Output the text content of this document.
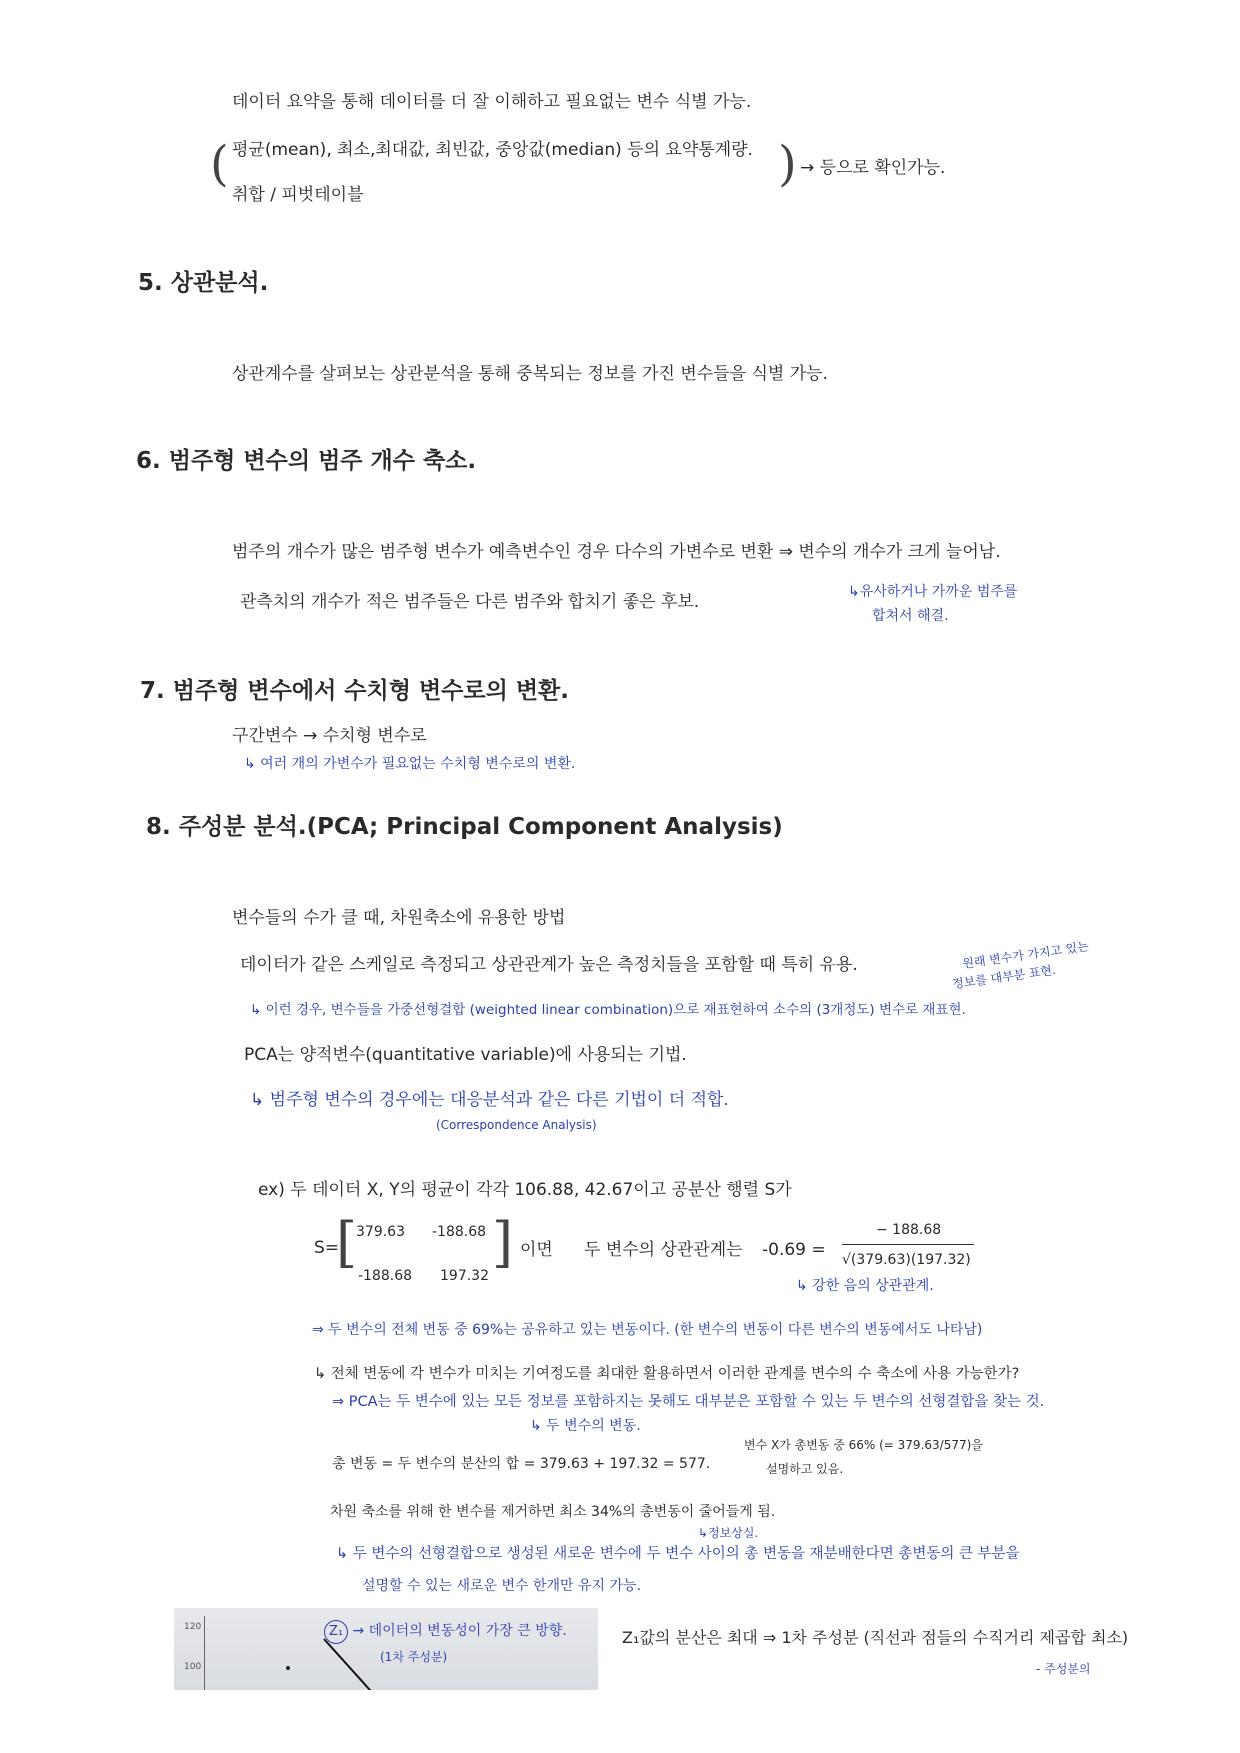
데이터 요약을 통해 데이터를 더 잘 이해하고 필요없는 변수 식별 가능.
( 평균(mean), 최소,최대값, 최빈값, 중앙값(median) 등의 요약통계량.
취합 / 피벗테이블
) → 등으로 확인가능.
5. 상관분석.
상관계수를 살펴보는 상관분석을 통해 중복되는 정보를 가진 변수들을 식별 가능.
6. 범주형 변수의 범주 개수 축소.
범주의 개수가 많은 범주형 변수가 예측변수인 경우 다수의 가변수로 변환 ⇒ 변수의 개수가 크게 늘어남.
관측치의 개수가 적은 범주들은 다른 범주와 합치기 좋은 후보.	↳유사하거나 가까운 범주를
합쳐서 해결.
7. 범주형 변수에서 수치형 변수로의 변환.
구간변수 → 수치형 변수로
↳ 여러 개의 가변수가 필요없는 수치형 변수로의 변환.
8. 주성분 분석.(PCA; Principal Component Analysis)
변수들의 수가 클 때, 차원축소에 유용한 방법
데이터가 같은 스케일로 측정되고 상관관계가 높은 측정치들을 포함할 때 특히 유용.	원래 변수가 가지고 있는
정보를 대부분 표현.
↳ 이런 경우, 변수들을 가중선형결합 (weighted linear combination)으로 재표현하여 소수의 (3개정도) 변수로 재표현.
PCA는 양적변수(quantitative variable)에 사용되는 기법.
↳ 범주형 변수의 경우에는 대응분석과 같은 다른 기법이 더 적합.
(Correspondence Analysis)
ex) 두 데이터 X, Y의 평균이 각각 106.88, 42.67이고 공분산 행렬 S가
S=
[
379.63 -188.68
-188.68 197.32
] 이면 두 변수의 상관관계는 -0.69 =
− 188.68
√(379.63)(197.32)
↳ 강한 음의 상관관계.
⇒ 두 변수의 전체 변동 중 69%는 공유하고 있는 변동이다. (한 변수의 변동이 다른 변수의 변동에서도 나타남)
↳ 전체 변동에 각 변수가 미치는 기여정도를 최대한 활용하면서 이러한 관계를 변수의 수 축소에 사용 가능한가?
⇒ PCA는 두 변수에 있는 모든 정보를 포함하지는 못해도 대부분은 포함할 수 있는 두 변수의 선형결합을 찾는 것.
↳ 두 변수의 변동.
총 변동 = 두 변수의 분산의 합 = 379.63 + 197.32 = 577.
변수 X가 총변동 중 66% (= 379.63/577)을
설명하고 있음.
차원 축소를 위해 한 변수를 제거하면 최소 34%의 총변동이 줄어들게 됨.
↳정보상실.
↳ 두 변수의 선형결합으로 생성된 새로운 변수에 두 변수 사이의 총 변동을 재분배한다면 총변동의 큰 부분을
설명할 수 있는 새로운 변수 한개만 유지 가능.
120
100
Z₁ → 데이터의 변동성이 가장 큰 방향.
(1차 주성분)
Z₁값의 분산은 최대 ⇒ 1차 주성분 (직선과 점들의 수직거리 제곱합 최소)
- 주성분의
